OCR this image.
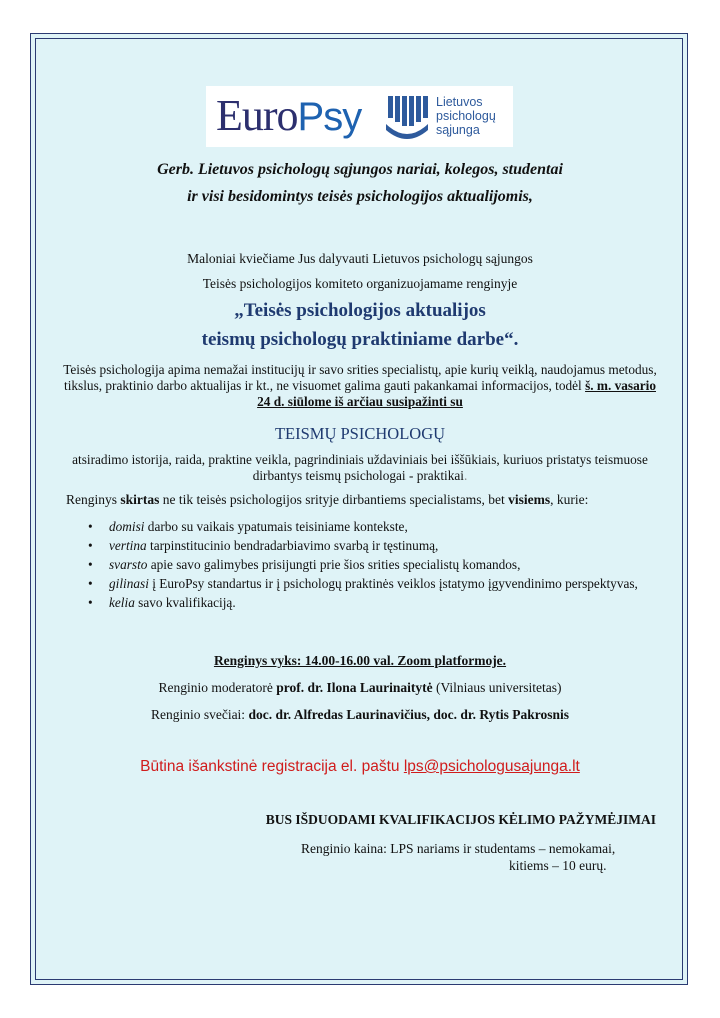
EuroPsy	Lietuvos
psichologų
sąjunga
Gerb. Lietuvos psichologų sąjungos nariai, kolegos, studentai
ir visi besidomintys teisės psichologijos aktualijomis,
Maloniai kviečiame Jus dalyvauti Lietuvos psichologų sąjungos
Teisės psichologijos komiteto organizuojamame renginyje
„Teisės psichologijos aktualijos
teismų psichologų praktiniame darbe“.
Teisės psichologija apima nemažai institucijų ir savo srities specialistų, apie kurių veiklą, naudojamus metodus, tikslus, praktinio darbo aktualijas ir kt., ne visuomet galima gauti pakankamai informacijos, todėl š. m. vasario 24 d. siūlome iš arčiau susipažinti su
TEISMŲ PSICHOLOGŲ
atsiradimo istorija, raida, praktine veikla, pagrindiniais uždaviniais bei iššūkiais, kuriuos pristatys teismuose dirbantys teismų psichologai - praktikai.
Renginys skirtas ne tik teisės psichologijos srityje dirbantiems specialistams, bet visiems, kurie:
• domisi darbo su vaikais ypatumais teisiniame kontekste,
• vertina tarpinstitucinio bendradarbiavimo svarbą ir tęstinumą,
• svarsto apie savo galimybes prisijungti prie šios srities specialistų komandos,
• gilinasi į EuroPsy standartus ir į psichologų praktinės veiklos įstatymo įgyvendinimo perspektyvas,
• kelia savo kvalifikaciją.
Renginys vyks: 14.00-16.00 val. Zoom platformoje.
Renginio moderatorė prof. dr. Ilona Laurinaitytė (Vilniaus universitetas)
Renginio svečiai: doc. dr. Alfredas Laurinavičius, doc. dr. Rytis Pakrosnis
Būtina išankstinė registracija el. paštu lps@psichologusajunga.lt
BUS IŠDUODAMI KVALIFIKACIJOS KĖLIMO PAŽYMĖJIMAI
Renginio kaina: LPS nariams ir studentams – nemokamai,
kitiems – 10 eurų.
